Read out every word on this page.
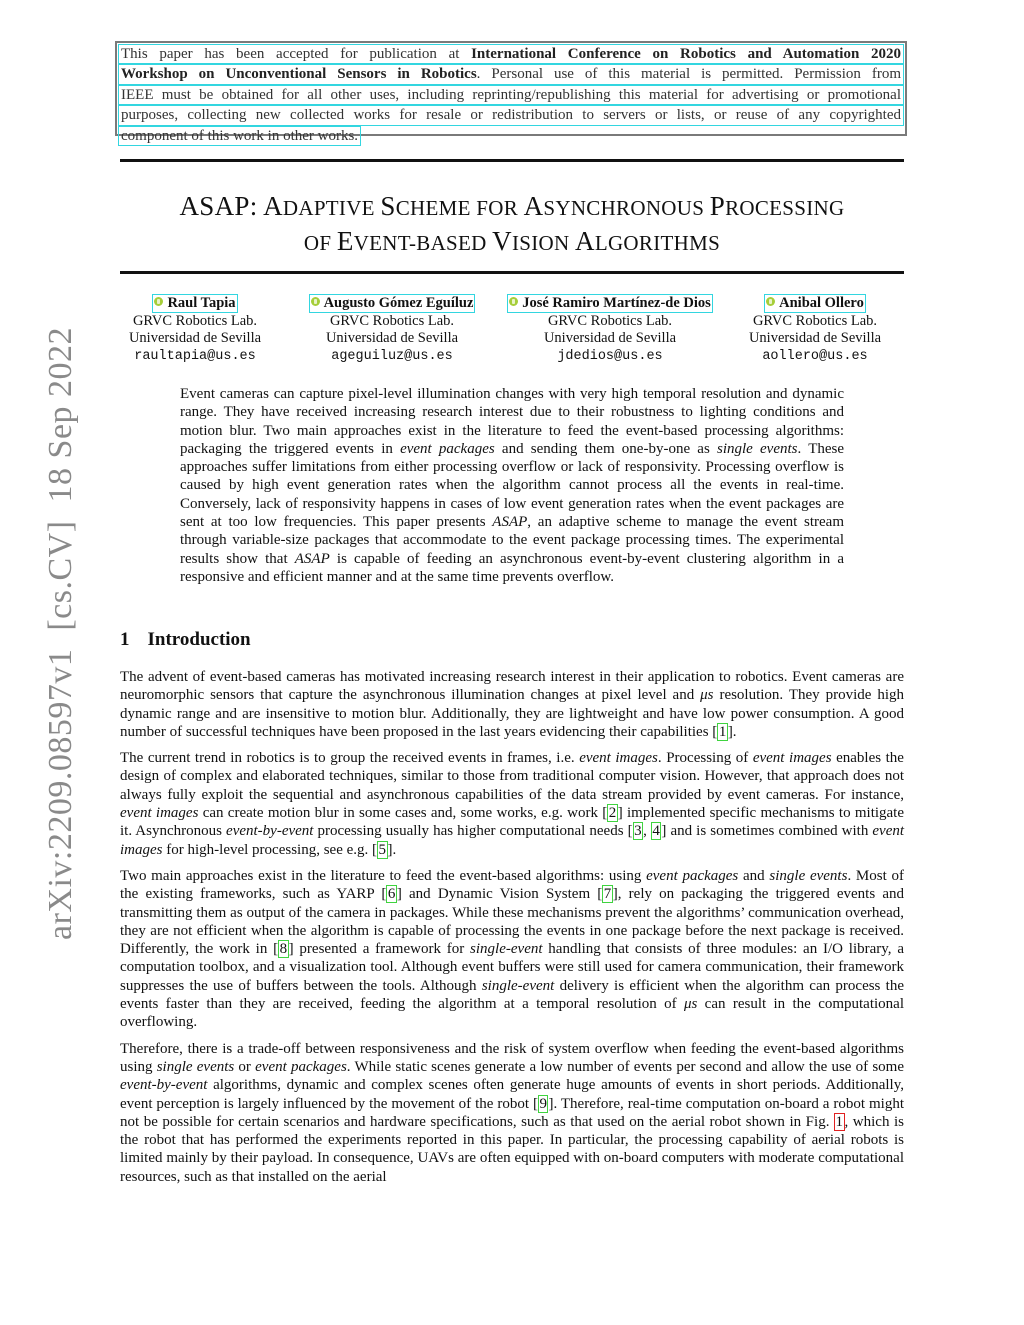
This paper has been accepted for publication at International Conference on Robotics and Automation 2020
Workshop on Unconventional Sensors in Robotics. Personal use of this material is permitted. Permission from
IEEE must be obtained for all other uses, including reprinting/republishing this material for advertising or promotional
purposes, collecting new collected works for resale or redistribution to servers or lists, or reuse of any copyrighted
component of this work in other works.
ASAP: ADAPTIVE SCHEME FOR ASYNCHRONOUS PROCESSING
OF EVENT-BASED VISION ALGORITHMS
Raul Tapia
GRVC Robotics Lab.
Universidad de Sevilla
raultapia@us.es
Augusto Gómez Eguíluz
GRVC Robotics Lab.
Universidad de Sevilla
ageguiluz@us.es
José Ramiro Martínez-de Dios
GRVC Robotics Lab.
Universidad de Sevilla
jdedios@us.es
Anibal Ollero
GRVC Robotics Lab.
Universidad de Sevilla
aollero@us.es
Event cameras can capture pixel-level illumination changes with very high temporal resolution and dynamic range. They have received increasing research interest due to their robustness to lighting conditions and motion blur. Two main approaches exist in the literature to feed the event-based processing algorithms: packaging the triggered events in event packages and sending them one-by-one as single events. These approaches suffer limitations from either processing overflow or lack of responsivity. Processing overflow is caused by high event generation rates when the algorithm cannot process all the events in real-time. Conversely, lack of responsivity happens in cases of low event generation rates when the event packages are sent at too low frequencies. This paper presents ASAP, an adaptive scheme to manage the event stream through variable-size packages that accommodate to the event package processing times. The experimental results show that ASAP is capable of feeding an asynchronous event-by-event clustering algorithm in a responsive and efficient manner and at the same time prevents overflow.
1 Introduction

The advent of event-based cameras has motivated increasing research interest in their application to robotics. Event cameras are neuromorphic sensors that capture the asynchronous illumination changes at pixel level and μs resolution. They provide high dynamic range and are insensitive to motion blur. Additionally, they are lightweight and have low power consumption. A good number of successful techniques have been proposed in the last years evidencing their capabilities [ 1 ].

The current trend in robotics is to group the received events in frames, i.e. event images. Processing of event images enables the design of complex and elaborated techniques, similar to those from traditional computer vision. However, that approach does not always fully exploit the sequential and asynchronous capabilities of the data stream provided by event cameras. For instance, event images can create motion blur in some cases and, some works, e.g. work [ 2 ] implemented specific mechanisms to mitigate it. Asynchronous event-by-event processing usually has higher computational needs [ 3 , 4 ] and is sometimes combined with event images for high-level processing, see e.g. [ 5 ].

Two main approaches exist in the literature to feed the event-based algorithms: using event packages and single events. Most of the existing frameworks, such as YARP [ 6 ] and Dynamic Vision System [ 7 ], rely on packaging the triggered events and transmitting them as output of the camera in packages. While these mechanisms prevent the algorithms’ communication overhead, they are not efficient when the algorithm is capable of processing the events in one package before the next package is received. Differently, the work in [ 8 ] presented a framework for single-event handling that consists of three modules: an I/O library, a computation toolbox, and a visualization tool. Although event buffers were still used for camera communication, their framework suppresses the use of buffers between the tools. Although single-event delivery is efficient when the algorithm can process the events faster than they are received, feeding the algorithm at a temporal resolution of μs can result in the computational overflowing.

Therefore, there is a trade-off between responsiveness and the risk of system overflow when feeding the event-based algorithms using single events or event packages. While static scenes generate a low number of events per second and allow the use of some event-by-event algorithms, dynamic and complex scenes often generate huge amounts of events in short periods. Additionally, event perception is largely influenced by the movement of the robot [ 9 ]. Therefore, real-time computation on-board a robot might not be possible for certain scenarios and hardware specifications, such as that used on the aerial robot shown in Fig. 1 , which is the robot that has performed the experiments reported in this paper. In particular, the processing capability of aerial robots is limited mainly by their payload. In consequence, UAVs are often equipped with on-board computers with moderate computational resources, such as that installed on the aerial

arXiv:2209.08597v1[cs.CV]18 Sep 2022
